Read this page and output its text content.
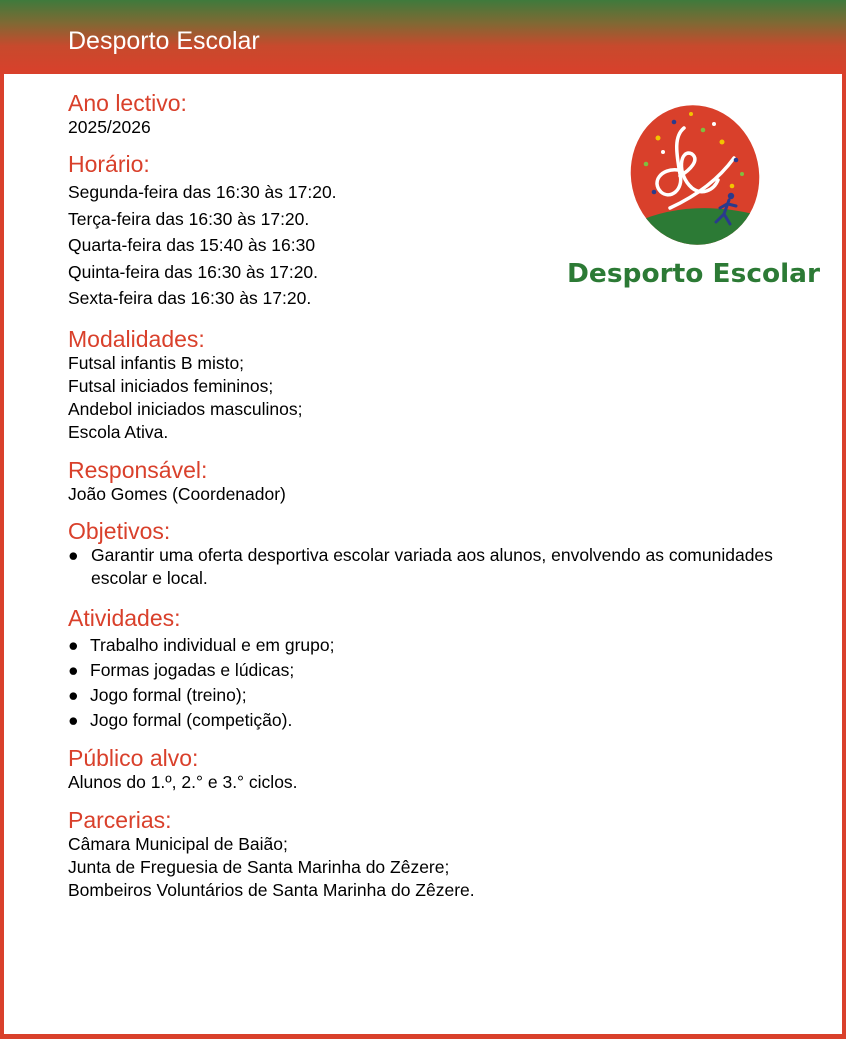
Desporto Escolar
Desporto Escolar
Ano lectivo:
2025/2026
Horário:
Segunda-feira das 16:30 às 17:20.
Terça-feira das 16:30 às 17:20.
Quarta-feira das 15:40 às 16:30
Quinta-feira das 16:30 às 17:20.
Sexta-feira das 16:30 às 17:20.
Modalidades:
Futsal infantis B misto;
Futsal iniciados femininos;
Andebol iniciados masculinos;
Escola Ativa.
Responsável:
João Gomes (Coordenador)
Objetivos:
● Garantir uma oferta desportiva escolar variada aos alunos, envolvendo as comunidades escolar e local.
Atividades:
● Trabalho individual e em grupo;
● Formas jogadas e lúdicas;
● Jogo formal (treino);
● Jogo formal (competição).
Público alvo:
Alunos do 1.º, 2.° e 3.° ciclos.
Parcerias:
Câmara Municipal de Baião;
Junta de Freguesia de Santa Marinha do Zêzere;
Bombeiros Voluntários de Santa Marinha do Zêzere.
